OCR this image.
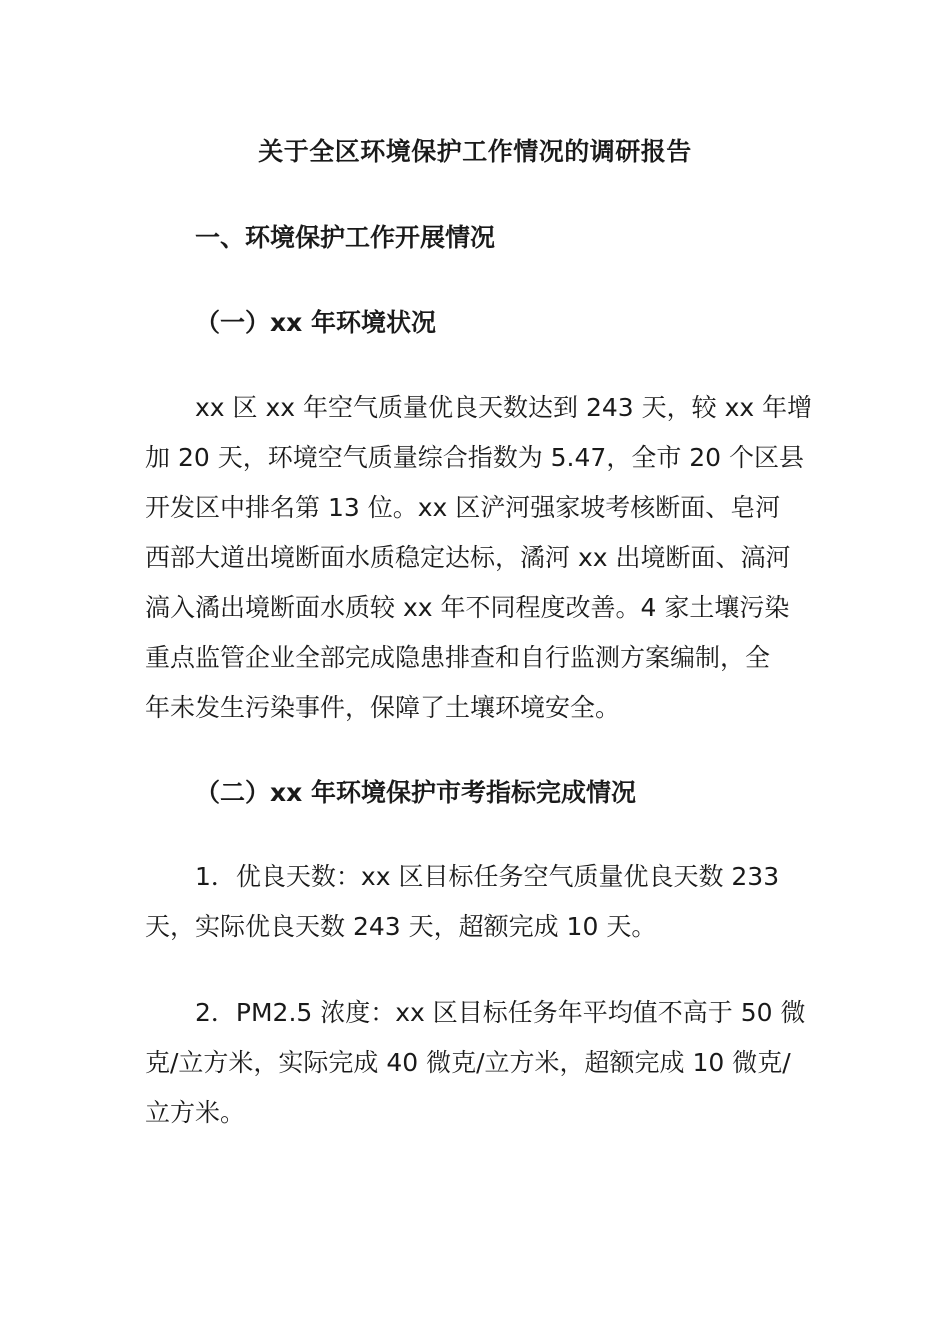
关于全区环境保护工作情况的调研报告
一、环境保护工作开展情况
（一）xx 年环境状况

xx 区 xx 年空气质量优良天数达到 243 天，较 xx 年增
加 20 天，环境空气质量综合指数为 5.47，全市 20 个区县
开发区中排名第 13 位。xx 区浐河强家坡考核断面、皂河
西部大道出境断面水质稳定达标，潏河 xx 出境断面、滈河
滈入潏出境断面水质较 xx 年不同程度改善。4 家土壤污染
重点监管企业全部完成隐患排查和自行监测方案编制，全
年未发生污染事件，保障了土壤环境安全。

（二）xx 年环境保护市考指标完成情况

1．优良天数：xx 区目标任务空气质量优良天数 233
天，实际优良天数 243 天，超额完成 10 天。

2．PM2.5 浓度：xx 区目标任务年平均值不高于 50 微
克/立方米，实际完成 40 微克/立方米，超额完成 10 微克/
立方米。
